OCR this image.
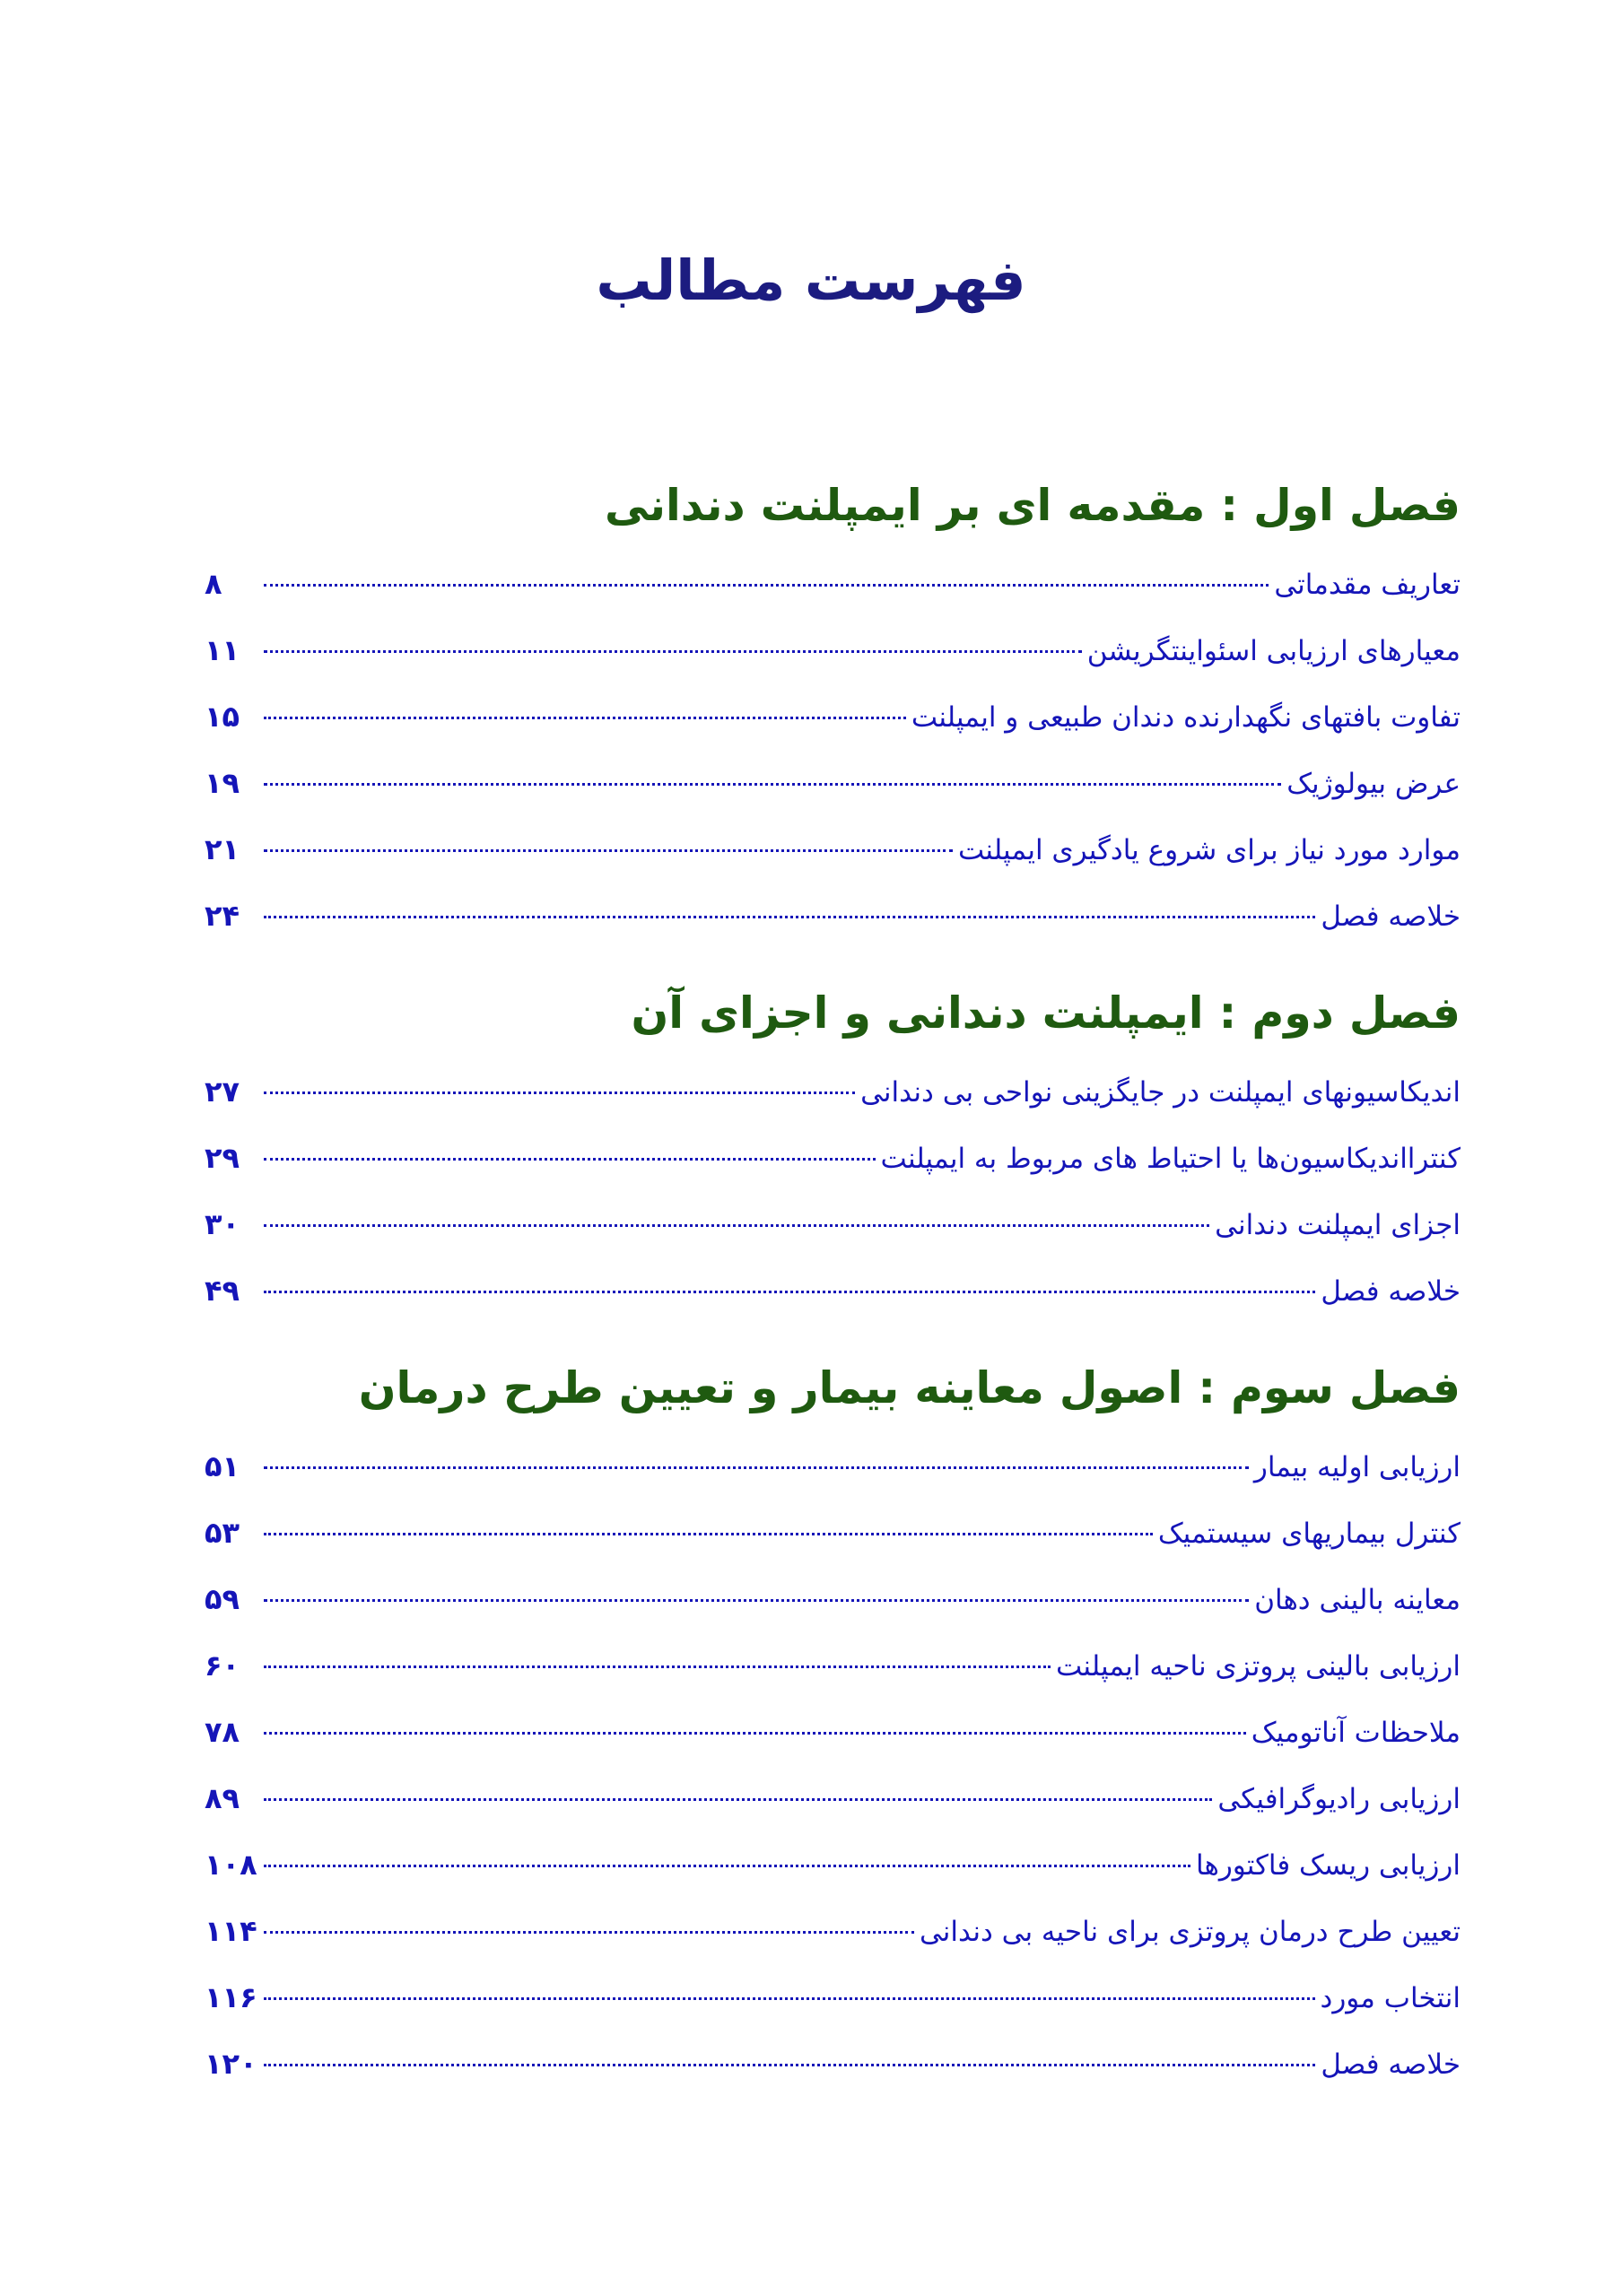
فهرست مطالب
فصل اول : مقدمه ای بر ایمپلنت دندانی
تعاریف مقدماتی
۸
معیارهای ارزیابی اسئواینتگریشن
۱۱
تفاوت بافتهای نگهدارنده دندان طبیعی و ایمپلنت
۱۵
عرض بیولوژیک
۱۹
موارد مورد نیاز برای شروع یادگیری ایمپلنت
۲۱
خلاصه فصل
۲۴
فصل دوم : ایمپلنت دندانی و اجزای آن
اندیکاسیونهای ایمپلنت در جایگزینی نواحی بی دندانی
۲۷
کنترااندیکاسیون‌ها یا احتیاط های مربوط به ایمپلنت
۲۹
اجزای ایمپلنت دندانی
۳۰
خلاصه فصل
۴۹
فصل سوم : اصول معاینه بیمار و تعیین طرح درمان
ارزیابی اولیه بیمار
۵۱
کنترل بیماریهای سیستمیک
۵۳
معاینه بالینی دهان
۵۹
ارزیابی بالینی پروتزی ناحیه ایمپلنت
۶۰
ملاحظات آناتومیک
۷۸
ارزیابی رادیوگرافیکی
۸۹
ارزیابی ریسک فاکتورها
۱۰۸
تعیین طرح درمان پروتزی برای ناحیه بی دندانی
۱۱۴
انتخاب مورد
۱۱۶
خلاصه فصل
۱۲۰
